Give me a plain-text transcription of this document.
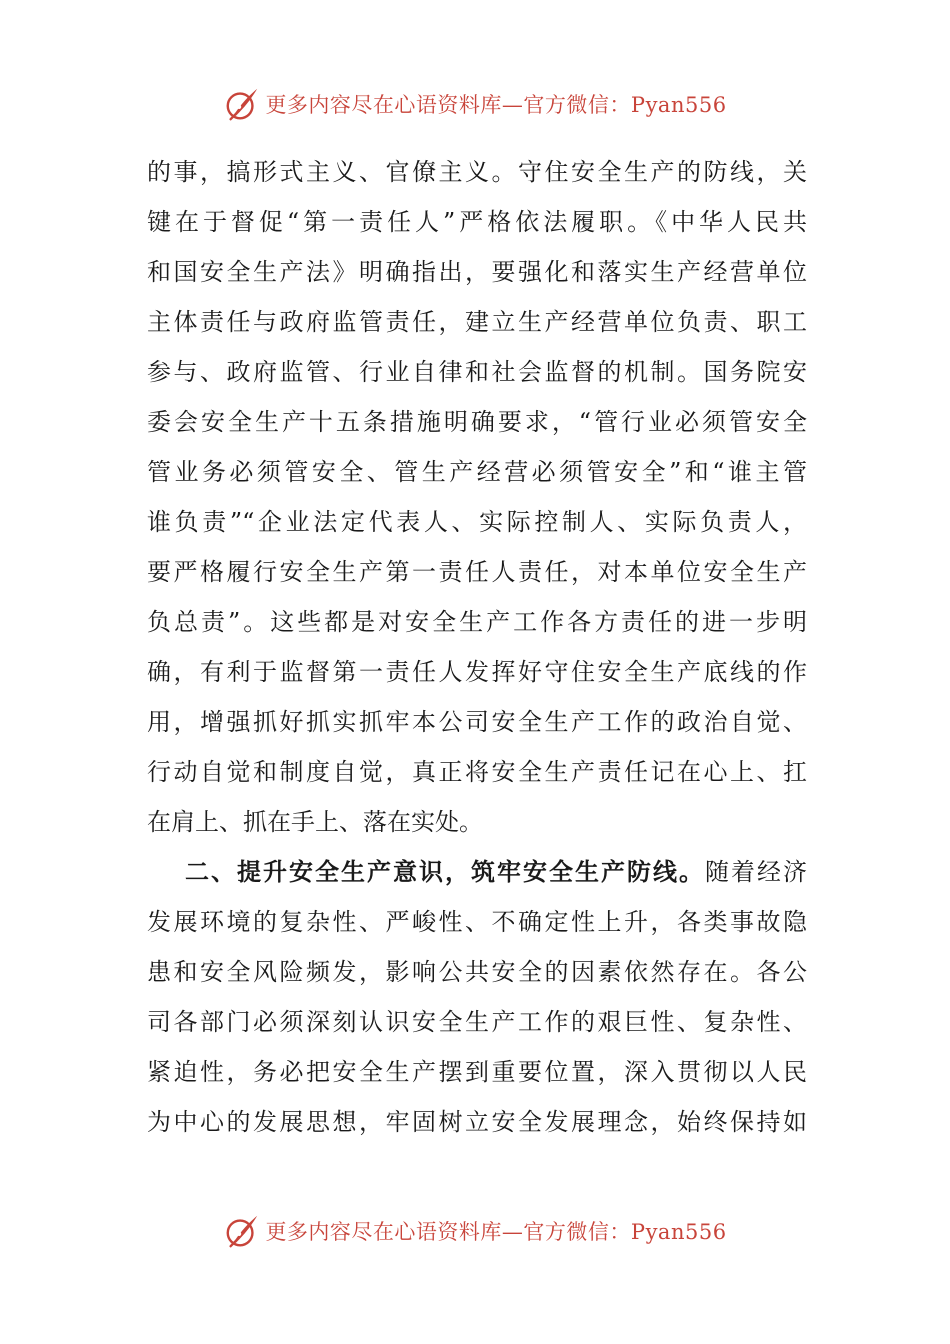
更多内容尽在心语资料库—官方微信：Pyan556
的事，搞形式主义、官僚主义。守住安全生产的防线，关
键在于督促“第一责任人”严格依法履职。《中华人民共
和国安全生产法》明确指出，要强化和落实生产经营单位
主体责任与政府监管责任，建立生产经营单位负责、职工
参与、政府监管、行业自律和社会监督的机制。国务院安
委会安全生产十五条措施明确要求，“管行业必须管安全
管业务必须管安全、管生产经营必须管安全”和“谁主管
谁负责”“企业法定代表人、实际控制人、实际负责人，
要严格履行安全生产第一责任人责任，对本单位安全生产
负总责”。这些都是对安全生产工作各方责任的进一步明
确，有利于监督第一责任人发挥好守住安全生产底线的作
用，增强抓好抓实抓牢本公司安全生产工作的政治自觉、
行动自觉和制度自觉，真正将安全生产责任记在心上、扛
在肩上、抓在手上、落在实处。
二、提升安全生产意识，筑牢安全生产防线。随着经济
发展环境的复杂性、严峻性、不确定性上升，各类事故隐
患和安全风险频发，影响公共安全的因素依然存在。各公
司各部门必须深刻认识安全生产工作的艰巨性、复杂性、
紧迫性，务必把安全生产摆到重要位置，深入贯彻以人民
为中心的发展思想，牢固树立安全发展理念，始终保持如
更多内容尽在心语资料库—官方微信：Pyan556
